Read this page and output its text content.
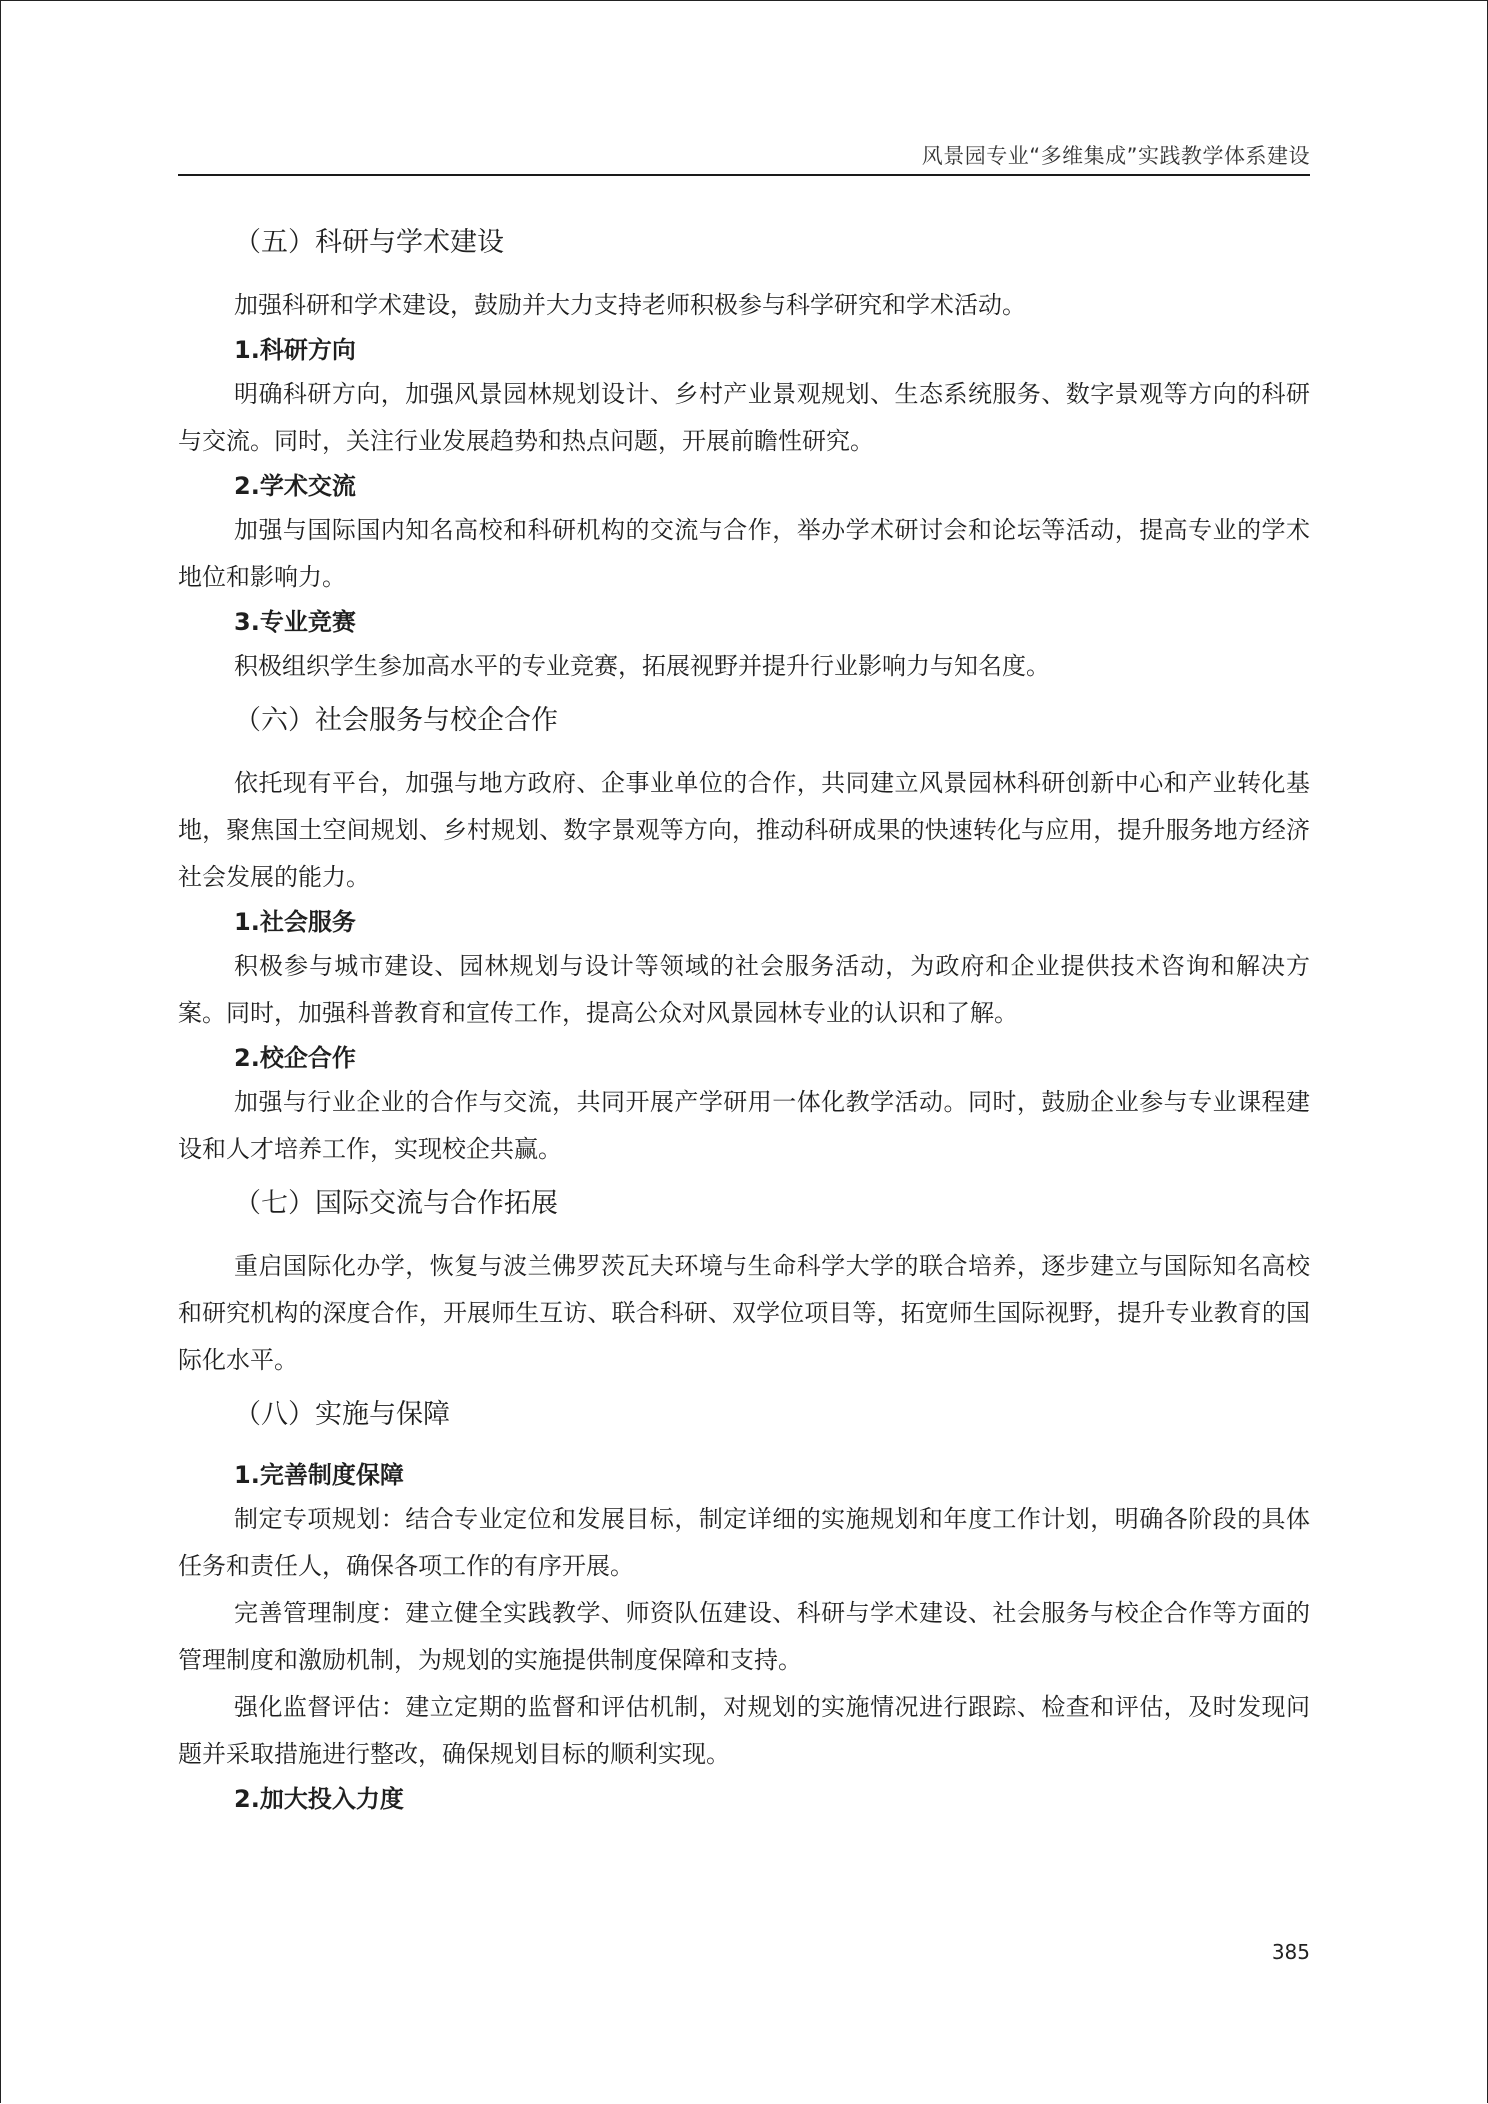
风景园专业“多维集成”实践教学体系建设
（五）科研与学术建设

加强科研和学术建设，鼓励并大力支持老师积极参与科学研究和学术活动。

1.科研方向

明确科研方向，加强风景园林规划设计、乡村产业景观规划、生态系统服务、数字景观等方向的科研与交流。同时，关注行业发展趋势和热点问题，开展前瞻性研究。

2.学术交流

加强与国际国内知名高校和科研机构的交流与合作，举办学术研讨会和论坛等活动，提高专业的学术地位和影响力。

3.专业竞赛

积极组织学生参加高水平的专业竞赛，拓展视野并提升行业影响力与知名度。

（六）社会服务与校企合作

依托现有平台，加强与地方政府、企事业单位的合作，共同建立风景园林科研创新中心和产业转化基地，聚焦国土空间规划、乡村规划、数字景观等方向，推动科研成果的快速转化与应用，提升服务地方经济社会发展的能力。

1.社会服务

积极参与城市建设、园林规划与设计等领域的社会服务活动，为政府和企业提供技术咨询和解决方案。同时，加强科普教育和宣传工作，提高公众对风景园林专业的认识和了解。

2.校企合作

加强与行业企业的合作与交流，共同开展产学研用一体化教学活动。同时，鼓励企业参与专业课程建设和人才培养工作，实现校企共赢。

（七）国际交流与合作拓展

重启国际化办学，恢复与波兰佛罗茨瓦夫环境与生命科学大学的联合培养，逐步建立与国际知名高校和研究机构的深度合作，开展师生互访、联合科研、双学位项目等，拓宽师生国际视野，提升专业教育的国际化水平。

（八）实施与保障
1.完善制度保障

制定专项规划：结合专业定位和发展目标，制定详细的实施规划和年度工作计划，明确各阶段的具体任务和责任人，确保各项工作的有序开展。

完善管理制度：建立健全实践教学、师资队伍建设、科研与学术建设、社会服务与校企合作等方面的管理制度和激励机制，为规划的实施提供制度保障和支持。

强化监督评估：建立定期的监督和评估机制，对规划的实施情况进行跟踪、检查和评估，及时发现问题并采取措施进行整改，确保规划目标的顺利实现。

2.加大投入力度
385
